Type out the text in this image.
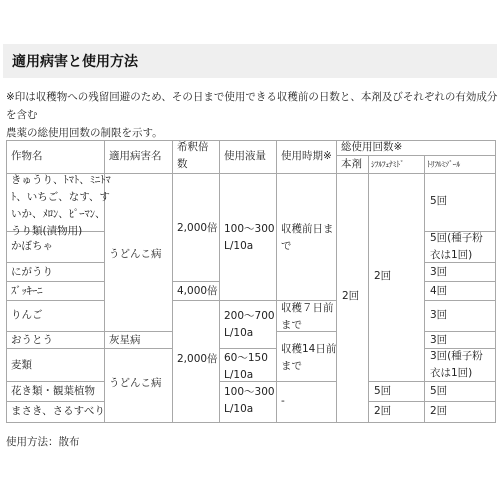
適用病害と使用方法
※印は収穫物への残留回避のため、その日まで使用できる収穫前の日数と、本剤及びそれぞれの有効成分を含む
農薬の総使用回数の制限を示す。
作物名	適用病害名
希釈倍
数
使用液量 使用時期※
総使用回数※
本剤 ｼﾌﾙﾌｪﾅﾐﾄﾞ	ﾄﾘﾌﾙﾐｿﾞｰﾙ
きゅうり、ﾄﾏﾄ、ﾐﾆﾄﾏ
ﾄ、いちご、なす、す
いか、ﾒﾛﾝ、ﾋﾟｰﾏﾝ、
うり類(漬物用)
かぼちゃ
にがうり
ｽﾞｯｷｰﾆ
りんご
おうとう
麦類
花き類・観葉植物
まさき、さるすべり
うどんこ病
灰星病
うどんこ病
2,000倍
4,000倍
2,000倍
100～300
L/10a
200～700
L/10a
60～150
L/10a
100～300
L/10a
収穫前日ま
で
収穫７日前
まで
収穫14日前
まで
-
2回
2回
5回
2回
5回
5回(種子粉
衣は1回)
3回
4回
3回
3回
3回(種子粉
衣は1回)
5回
2回
使用方法：散布
